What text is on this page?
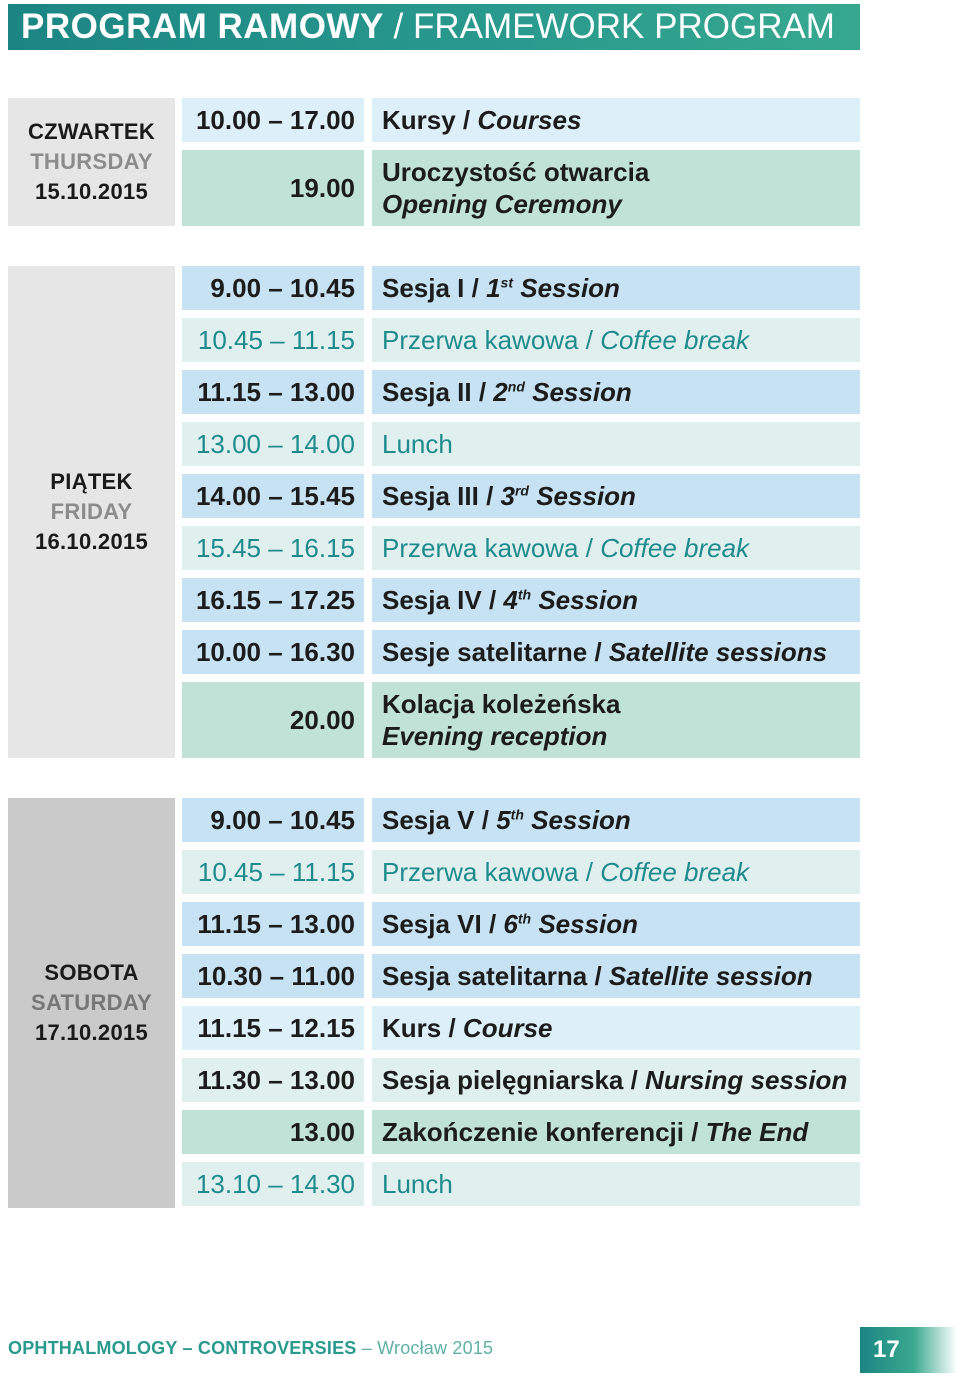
PROGRAM RAMOWY / FRAMEWORK PROGRAM
CZWARTEK
THURSDAY
15.10.2015
10.00 – 17.00	Kursy / Courses
19.00
Uroczystość otwarcia
Opening Ceremony
PIĄTEK
FRIDAY
16.10.2015
9.00 – 10.45	Sesja I / 1st Session
10.45 – 11.15	Przerwa kawowa / Coffee break
11.15 – 13.00	Sesja II / 2nd Session
13.00 – 14.00	Lunch
14.00 – 15.45	Sesja III / 3rd Session
15.45 – 16.15	Przerwa kawowa / Coffee break
16.15 – 17.25	Sesja IV / 4th Session
10.00 – 16.30	Sesje satelitarne / Satellite sessions
20.00
Kolacja koleżeńska
Evening reception
SOBOTA
SATURDAY
17.10.2015
9.00 – 10.45	Sesja V / 5th Session
10.45 – 11.15	Przerwa kawowa / Coffee break
11.15 – 13.00	Sesja VI / 6th Session
10.30 – 11.00	Sesja satelitarna / Satellite session
11.15 – 12.15	Kurs / Course
11.30 – 13.00	Sesja pielęgniarska / Nursing session
13.00	Zakończenie konferencji / The End
13.10 – 14.30	Lunch
OPHTHALMOLOGY – CONTROVERSIES – Wrocław 2015	17
